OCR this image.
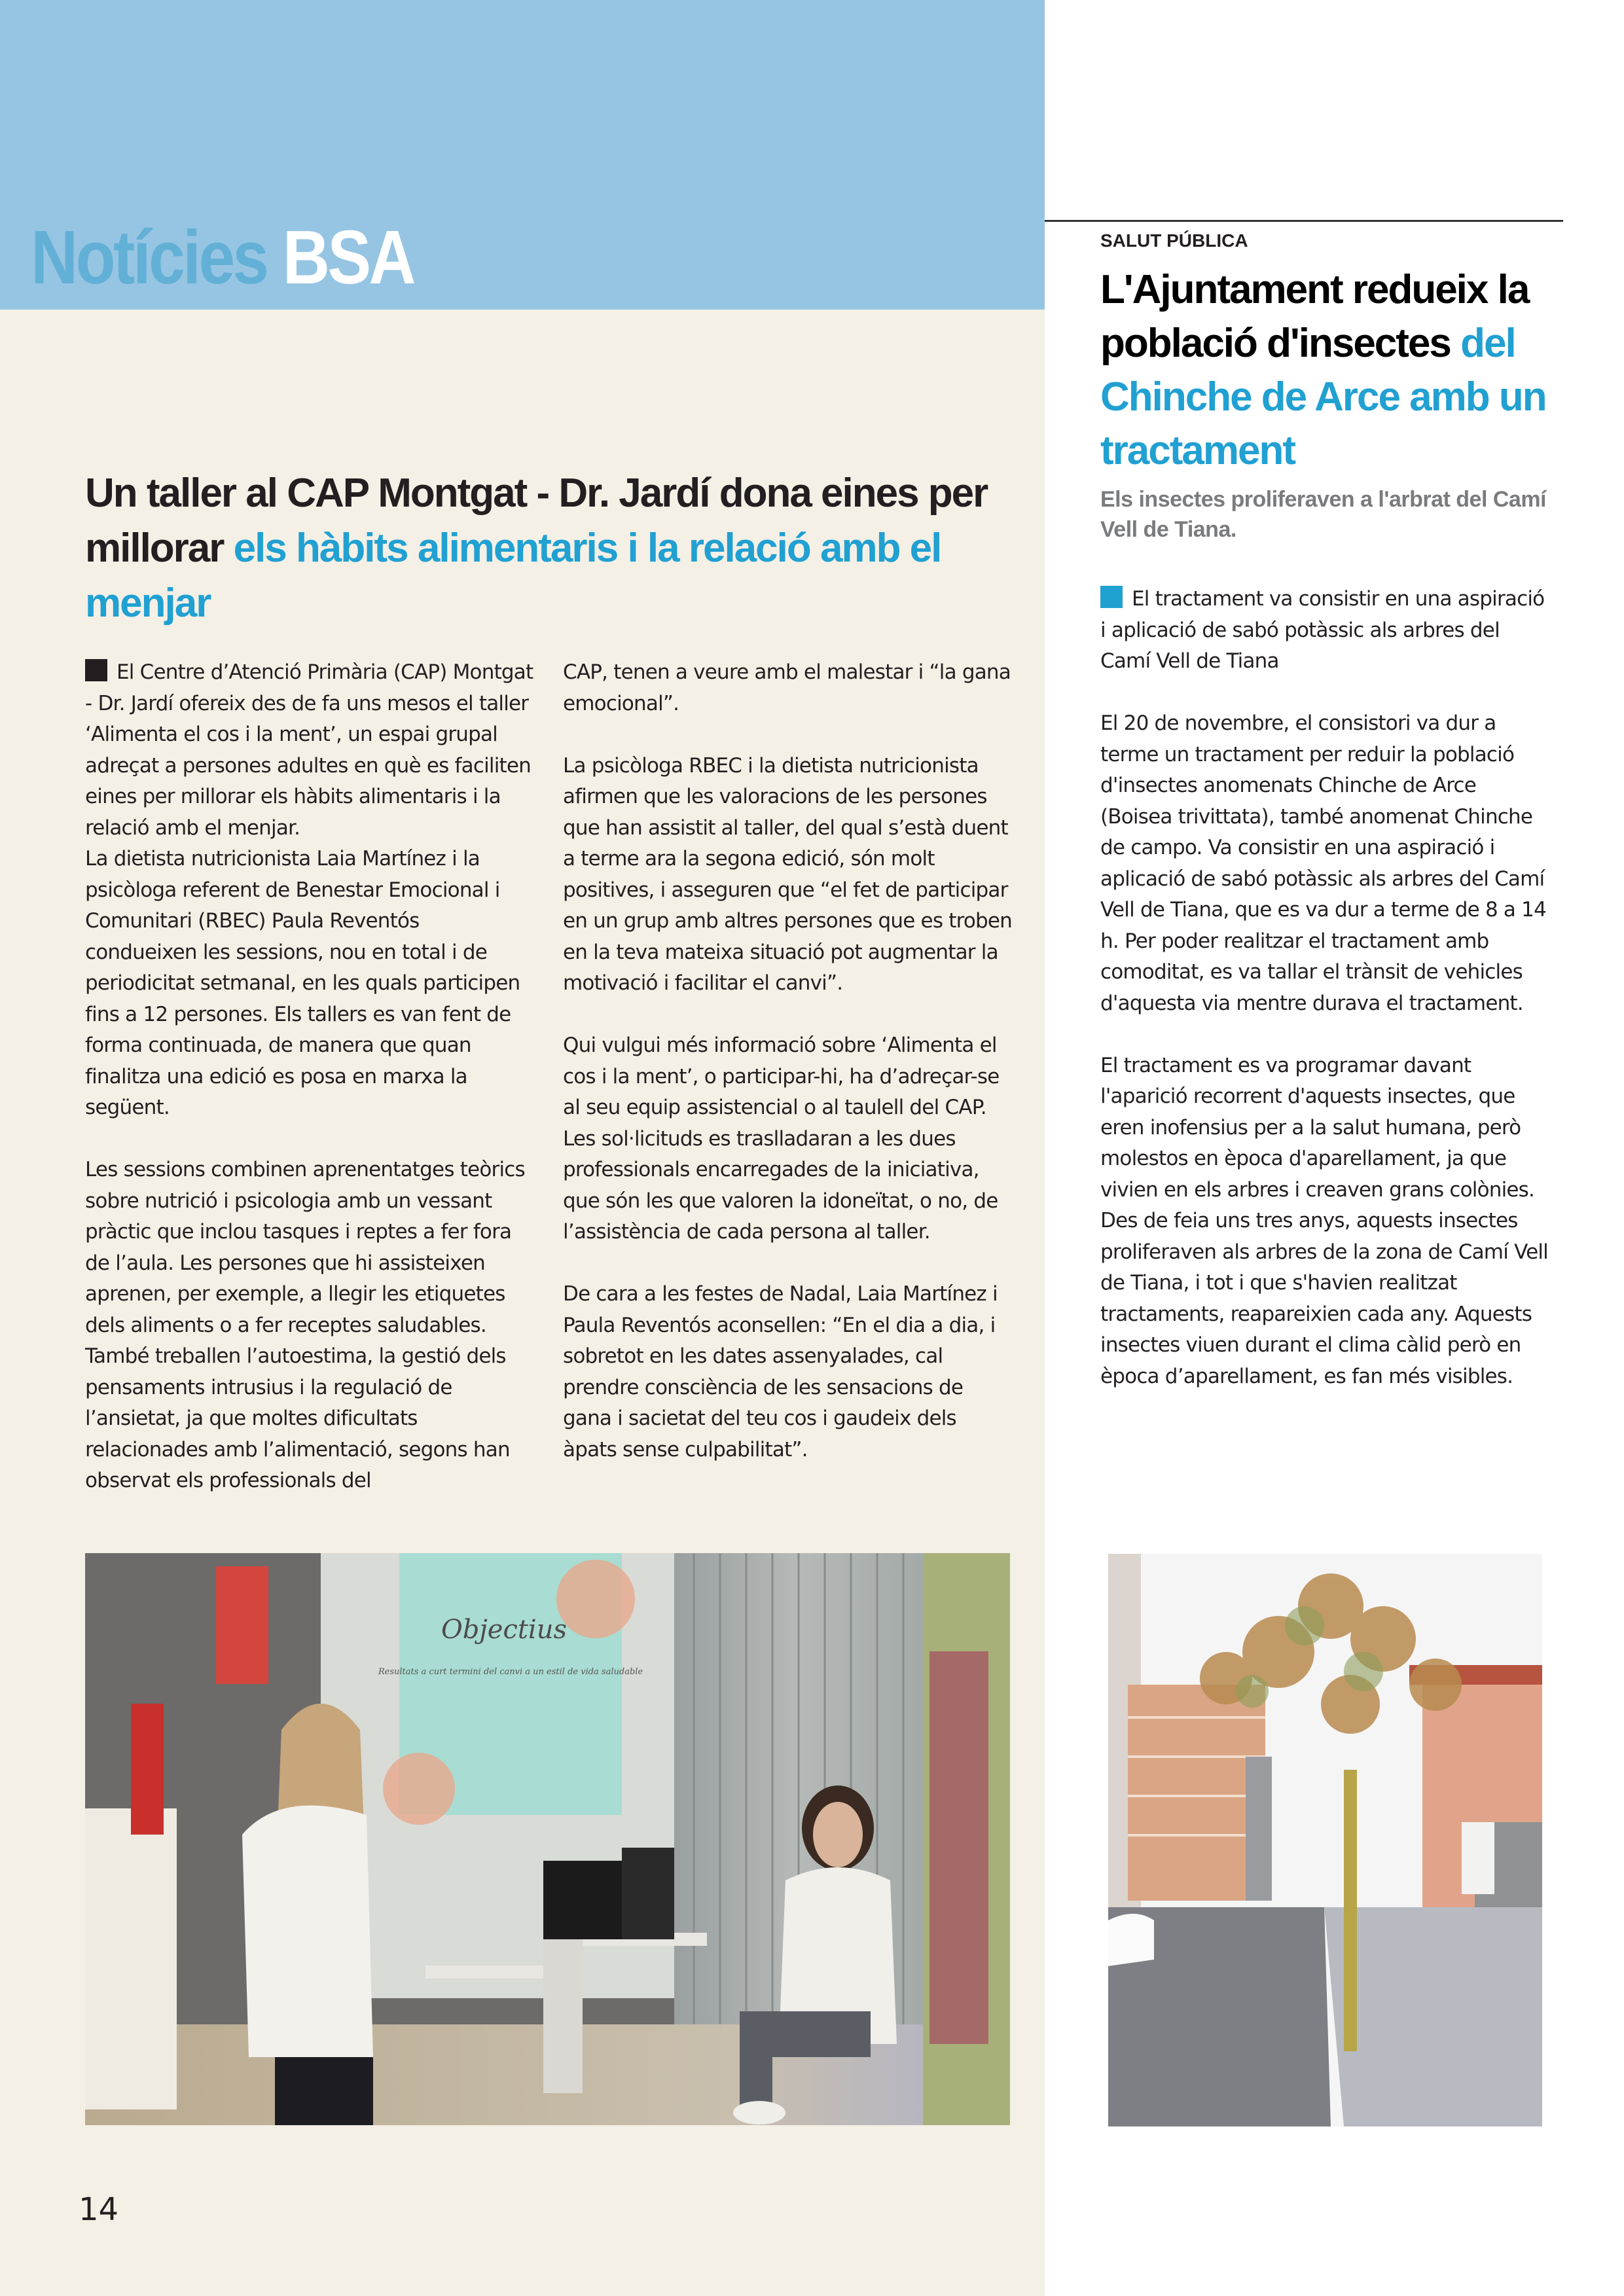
Notícies BSA
Un taller al CAP Montgat - Dr. Jardí dona eines per millorar els hàbits alimentaris i la relació amb el menjar

El Centre d’Atenció Primària (CAP) Montgat - Dr. Jardí ofereix des de fa uns mesos el taller ‘Alimenta el cos i la ment’, un espai grupal adreçat a persones adultes en què es faciliten eines per millorar els hàbits alimentaris i la relació amb el menjar.

La dietista nutricionista Laia Martínez i la psicòloga referent de Benestar Emocional i Comunitari (RBEC) Paula Reventós condueixen les sessions, nou en total i de periodicitat setmanal, en les quals participen fins a 12 persones. Els tallers es van fent de forma continuada, de manera que quan finalitza una edició es posa en marxa la següent.

Les sessions combinen aprenentatges teòrics sobre nutrició i psicologia amb un vessant pràctic que inclou tasques i reptes a fer fora de l’aula. Les persones que hi assisteixen aprenen, per exemple, a llegir les etiquetes dels aliments o a fer receptes saludables. També treballen l’autoestima, la gestió dels pensaments intrusius i la regulació de l’ansietat, ja que moltes dificultats relacionades amb l’alimentació, segons han observat els professionals del

CAP, tenen a veure amb el malestar i “la gana emocional”.

La psicòloga RBEC i la dietista nutricionista afirmen que les valoracions de les persones que han assistit al taller, del qual s’està duent a terme ara la segona edició, són molt positives, i asseguren que “el fet de participar en un grup amb altres persones que es troben en la teva mateixa situació pot augmentar la motivació i facilitar el canvi”.

Qui vulgui més informació sobre ‘Alimenta el cos i la ment’, o participar-hi, ha d’adreçar-se al seu equip assistencial o al taulell del CAP. Les sol·licituds es traslladaran a les dues professionals encarregades de la iniciativa, que són les que valoren la idoneïtat, o no, de l’assistència de cada persona al taller.

De cara a les festes de Nadal, Laia Martínez i Paula Reventós aconsellen: “En el dia a dia, i sobretot en les dates assenyalades, cal prendre consciència de les sensacions de gana i sacietat del teu cos i gaudeix dels àpats sense culpabilitat”.

Objectius
Resultats a curt termini del canvi a un estil de vida saludable
14
SALUT PÚBLICA
L'Ajuntament redueix la població d'insectes del Chinche de Arce amb un tractament
Els insectes proliferaven a l'arbrat del Camí Vell de Tiana.

El tractament va consistir en una aspiració i aplicació de sabó potàssic als arbres del Camí Vell de Tiana

El 20 de novembre, el consistori va dur a terme un tractament per reduir la població d'insectes anomenats Chinche de Arce (Boisea trivittata), també anomenat Chinche de campo. Va consistir en una aspiració i aplicació de sabó potàssic als arbres del Camí Vell de Tiana, que es va dur a terme de 8 a 14 h. Per poder realitzar el tractament amb comoditat, es va tallar el trànsit de vehicles d'aquesta via mentre durava el tractament.

El tractament es va programar davant l'aparició recorrent d'aquests insectes, que eren inofensius per a la salut humana, però molestos en època d'aparellament, ja que vivien en els arbres i creaven grans colònies. Des de feia uns tres anys, aquests insectes proliferaven als arbres de la zona de Camí Vell de Tiana, i tot i que s'havien realitzat tractaments, reapareixien cada any. Aquests insectes viuen durant el clima càlid però en època d’aparellament, es fan més visibles.
